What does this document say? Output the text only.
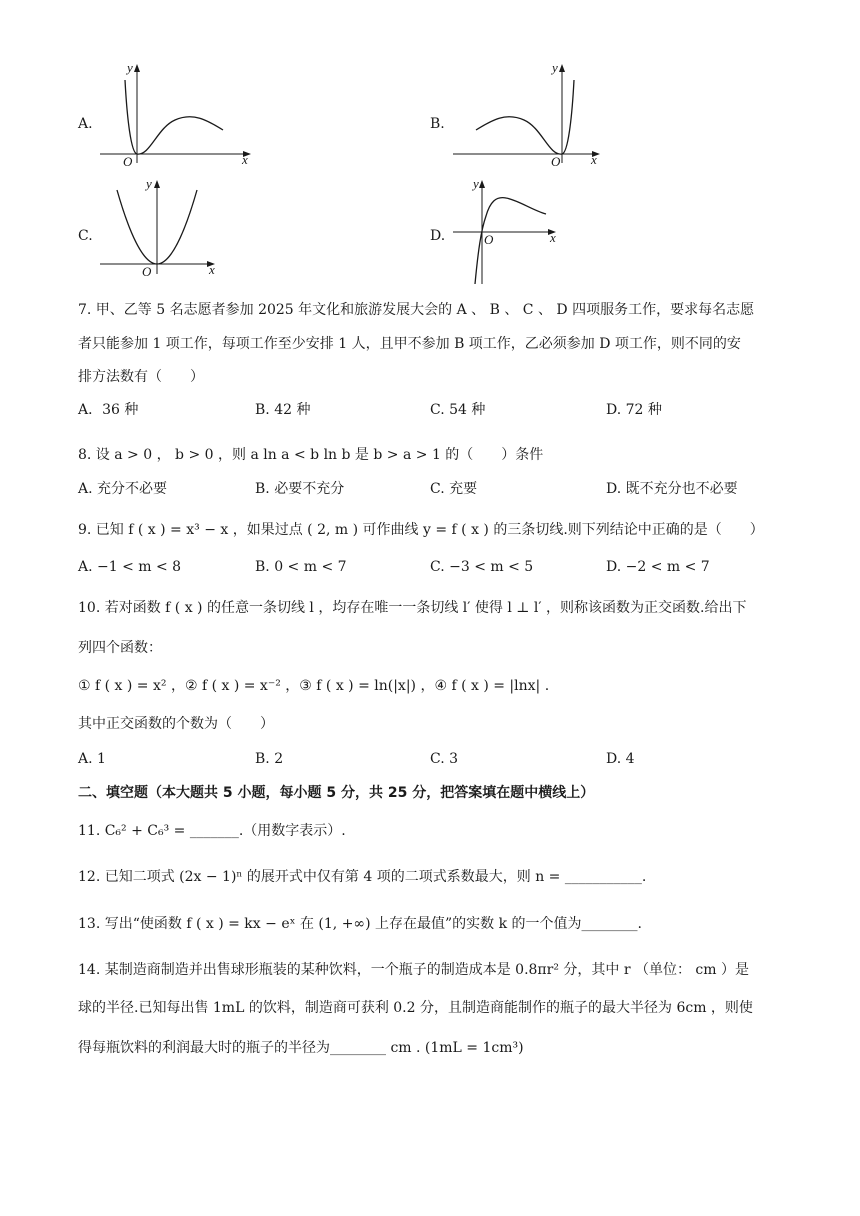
A.	B.
C.	D.
y
x
O
y
x
O
y
x
O
y
x
O
7. 甲、乙等 5 名志愿者参加 2025 年文化和旅游发展大会的 A 、 B 、 C 、 D 四项服务工作，要求每名志愿
者只能参加 1 项工作，每项工作至少安排 1 人，且甲不参加 B 项工作，乙必须参加 D 项工作，则不同的安
排方法数有（　　）
A．36 种	B. 42 种	C. 54 种	D. 72 种
8. 设 a > 0 ， b > 0 ，则 a ln a < b ln b 是 b > a > 1 的（　　）条件
A. 充分不必要	B. 必要不充分	C. 充要	D. 既不充分也不必要
9. 已知 f ( x ) = x³ − x ，如果过点 ( 2, m ) 可作曲线 y = f ( x ) 的三条切线.则下列结论中正确的是（　　）
A. −1 < m < 8	B. 0 < m < 7	C. −3 < m < 5	D. −2 < m < 7
10. 若对函数 f ( x ) 的任意一条切线 l ，均存在唯一一条切线 l′ 使得 l ⊥ l′ ，则称该函数为正交函数.给出下
列四个函数：
① f ( x ) = x² ，② f ( x ) = x⁻² ，③ f ( x ) = ln(|x|) ，④ f ( x ) = |lnx| .
其中正交函数的个数为（　　）
A. 1	B. 2	C. 3	D. 4
二、填空题（本大题共 5 小题，每小题 5 分，共 25 分，把答案填在题中横线上）
11. C₆² + C₆³ = _______.（用数字表示）.
12. 已知二项式 (2x − 1)ⁿ 的展开式中仅有第 4 项的二项式系数最大，则 n = ___________.
13. 写出“使函数 f ( x ) = kx − eˣ 在 (1, +∞) 上存在最值”的实数 k 的一个值为________.
14. 某制造商制造并出售球形瓶装的某种饮料，一个瓶子的制造成本是 0.8πr² 分，其中 r （单位： cm ）是
球的半径.已知每出售 1mL 的饮料，制造商可获利 0.2 分，且制造商能制作的瓶子的最大半径为 6cm ，则使
得每瓶饮料的利润最大时的瓶子的半径为________ cm . (1mL = 1cm³)
